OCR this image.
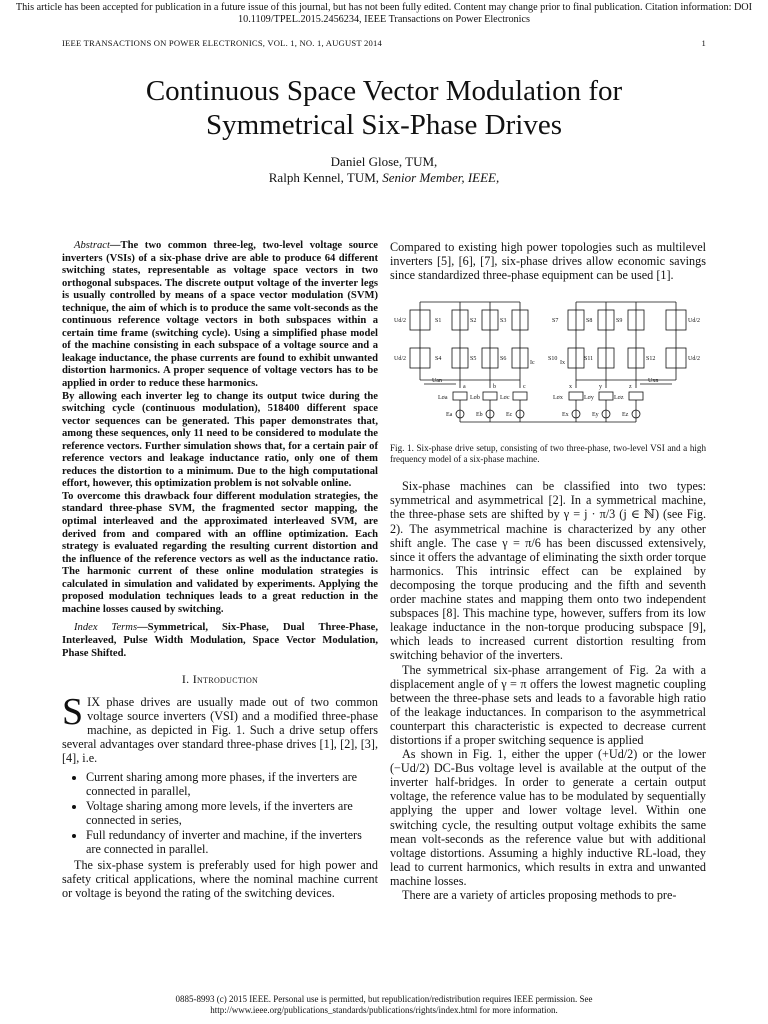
This article has been accepted for publication in a future issue of this journal, but has not been fully edited. Content may change prior to final publication. Citation information: DOI
10.1109/TPEL.2015.2456234, IEEE Transactions on Power Electronics
IEEE TRANSACTIONS ON POWER ELECTRONICS, VOL. 1, NO. 1, AUGUST 2014	1
Continuous Space Vector Modulation for
Symmetrical Six-Phase Drives
Daniel Glose, TUM,
Ralph Kennel, TUM, Senior Member, IEEE,

Abstract—The two common three-leg, two-level voltage source inverters (VSIs) of a six-phase drive are able to produce 64 different switching states, representable as voltage space vectors in two orthogonal subspaces. The discrete output voltage of the inverter legs is usually controlled by means of a space vector modulation (SVM) technique, the aim of which is to produce the same volt-seconds as the continuous reference voltage vectors in both subspaces within a certain time frame (switching cycle). Using a simplified phase model of the machine consisting in each subspace of a voltage source and a leakage inductance, the phase currents are found to exhibit unwanted distortion harmonics. A proper sequence of voltage vectors has to be applied in order to reduce these harmonics.

By allowing each inverter leg to change its output twice during the switching cycle (continuous modulation), 518400 different space vector sequences can be generated. This paper demonstrates that, among these sequences, only 11 need to be considered to modulate the reference vectors. Further simulation shows that, for a certain pair of reference vectors and leakage inductance ratio, only one of them reduces the distortion to a minimum. Due to the high computational effort, however, this optimization problem is not solvable online.

To overcome this drawback four different modulation strategies, the standard three-phase SVM, the fragmented sector mapping, the optimal interleaved and the approximated interleaved SVM, are derived from and compared with an offline optimization. Each strategy is evaluated regarding the resulting current distortion and the influence of the reference vectors as well as the inductance ratio. The harmonic current of these online modulation strategies is calculated in simulation and validated by experiments. Applying the proposed modulation techniques leads to a great reduction in the machine losses caused by switching.

Index Terms—Symmetrical, Six-Phase, Dual Three-Phase, Interleaved, Pulse Width Modulation, Space Vector Modulation, Phase Shifted.
I. Introduction
SIX phase drives are usually made out of two common voltage source inverters (VSI) and a modified three-phase machine, as depicted in Fig. 1. Such a drive setup offers several advantages over standard three-phase drives [1], [2], [3], [4], i.e.
• Current sharing among more phases, if the inverters are connected in parallel,
• Voltage sharing among more levels, if the inverters are connected in series,
• Full redundancy of inverter and machine, if the inverters are connected in parallel.

The six-phase system is preferably used for high power and safety critical applications, where the nominal machine current or voltage is beyond the rating of the switching devices.

Compared to existing high power topologies such as multilevel inverters [5], [6], [7], six-phase drives allow economic savings since standardized three-phase equipment can be used [1].

Ud/2
Ud/2
Ud/2
Ud/2
S1	S2	S3
S4	S5	S6
S7	S8	S9
S10	S11	S12
a	b	c	x	y	z
Lσa	Lσb	Lσc	Lσx	Lσy	Lσz
Ea	Eb	Ec	Ex	Ey	Ez
Uan	Uxn
Ic	Ix
Fig. 1. Six-phase drive setup, consisting of two three-phase, two-level VSI and a high frequency model of a six-phase machine.

Six-phase machines can be classified into two types: symmetrical and asymmetrical [2]. In a symmetrical machine, the three-phase sets are shifted by γ = j · π/3 (j ∈ ℕ) (see Fig. 2). The asymmetrical machine is characterized by any other shift angle. The case γ = π/6 has been discussed extensively, since it offers the advantage of eliminating the sixth order torque harmonics. This intrinsic effect can be explained by decomposing the torque producing and the fifth and seventh order machine states and mapping them onto two independent subspaces [8]. This machine type, however, suffers from its low leakage inductance in the non-torque producing subspace [9], which leads to increased current distortion resulting from switching behavior of the inverters.

The symmetrical six-phase arrangement of Fig. 2a with a displacement angle of γ = π offers the lowest magnetic coupling between the three-phase sets and leads to a favorable high ratio of the leakage inductances. In comparison to the asymmetrical counterpart this characteristic is expected to decrease current distortions if a proper switching sequence is applied

As shown in Fig. 1, either the upper (+Ud/2) or the lower (−Ud/2) DC-Bus voltage level is available at the output of the inverter half-bridges. In order to generate a certain output voltage, the reference value has to be modulated by sequentially applying the upper and lower voltage level. Within one switching cycle, the resulting output voltage exhibits the same mean volt-seconds as the reference value but with additional voltage distortions. Assuming a highly inductive RL-load, they lead to current harmonics, which results in extra and unwanted machine losses.

There are a variety of articles proposing methods to pre-

0885-8993 (c) 2015 IEEE. Personal use is permitted, but republication/redistribution requires IEEE permission. See
http://www.ieee.org/publications_standards/publications/rights/index.html for more information.
